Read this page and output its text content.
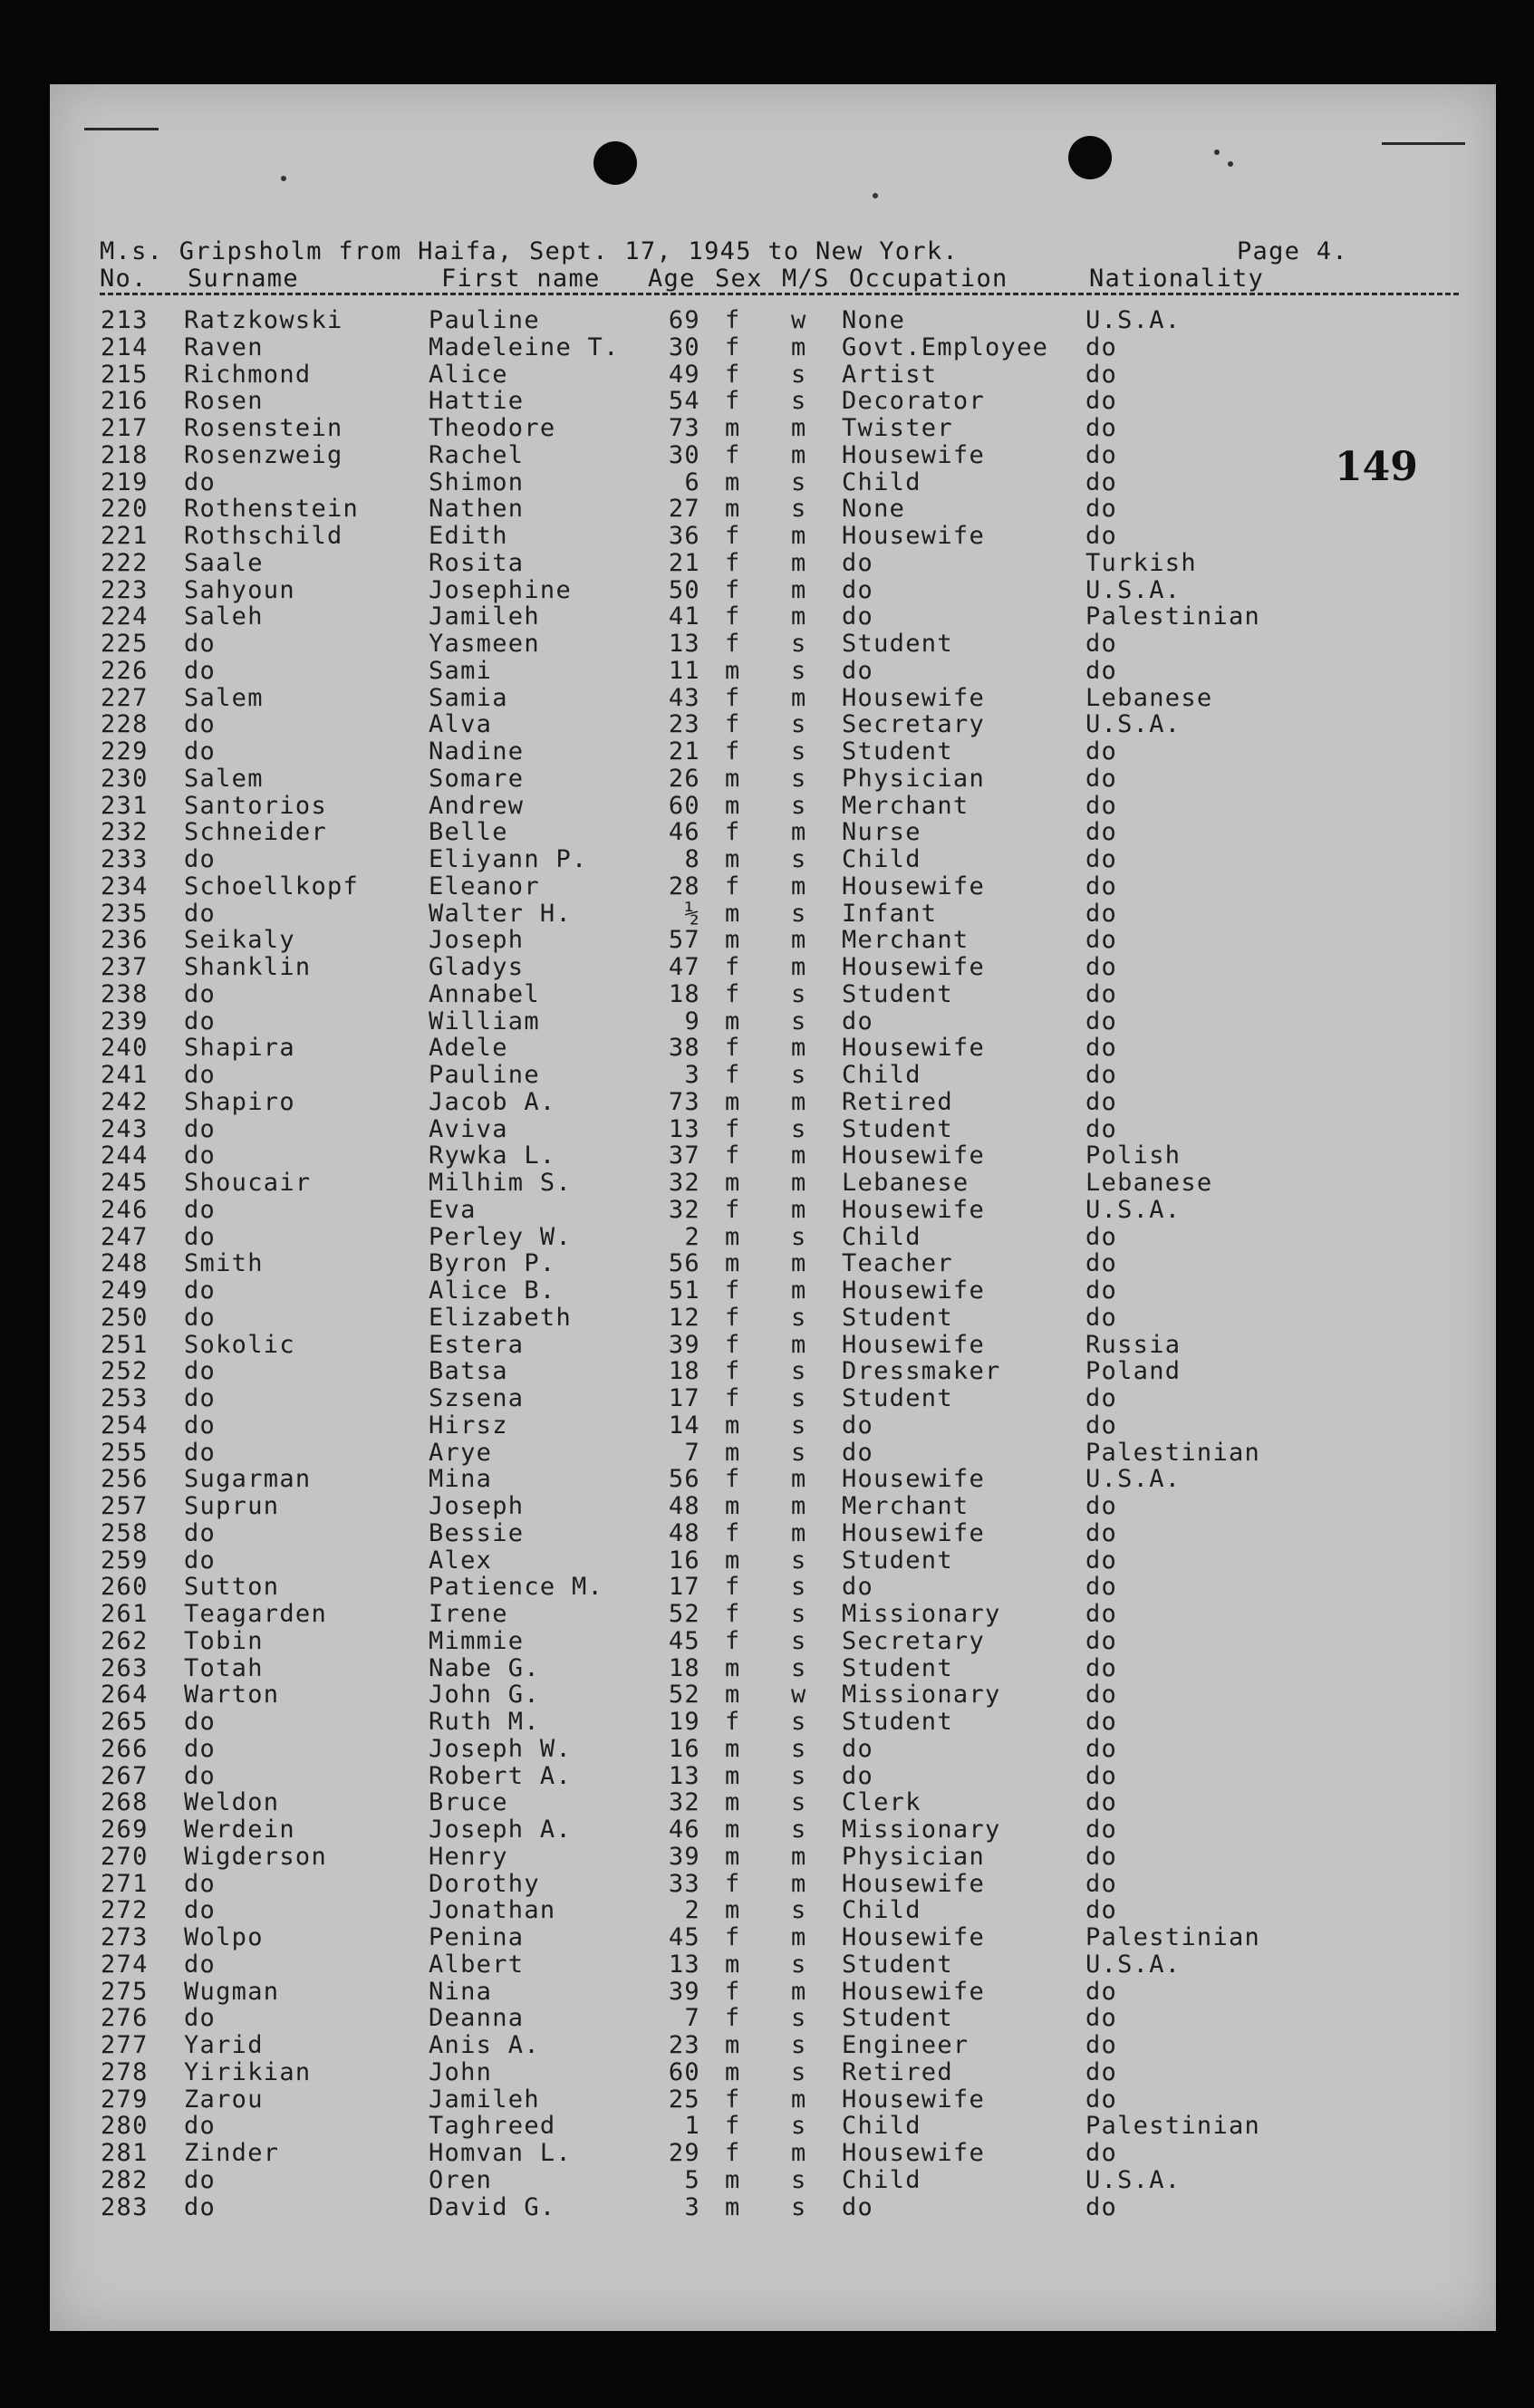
M.s. Gripsholm from Haifa, Sept. 17, 1945 to New York.	Page 4.
No. Surname	First name Age Sex M/S Occupation	Nationality
149
213 Ratzkowski	Pauline	69 f w None	U.S.A.
214 Raven	Madeleine T.	30 f m Govt.Employee do
215 Richmond	Alice	49 f s Artist	do
216 Rosen	Hattie	54 f s Decorator	do
217 Rosenstein	Theodore	73 m m Twister	do
218 Rosenzweig	Rachel	30 f m Housewife	do
219 do	Shimon	6 m s Child	do
220 Rothenstein	Nathen	27 m s None	do
221 Rothschild	Edith	36 f m Housewife	do
222 Saale	Rosita	21 f m do	Turkish
223 Sahyoun	Josephine	50 f m do	U.S.A.
224 Saleh	Jamileh	41 f m do	Palestinian
225 do	Yasmeen	13 f s Student	do
226 do	Sami	11 m s do	do
227 Salem	Samia	43 f m Housewife	Lebanese
228 do	Alva	23 f s Secretary	U.S.A.
229 do	Nadine	21 f s Student	do
230 Salem	Somare	26 m s Physician	do
231 Santorios	Andrew	60 m s Merchant	do
232 Schneider	Belle	46 f m Nurse	do
233 do	Eliyann P.	8 m s Child	do
234 Schoellkopf	Eleanor	28 f m Housewife	do
235 do	Walter H.	½ m s Infant	do
236 Seikaly	Joseph	57 m m Merchant	do
237 Shanklin	Gladys	47 f m Housewife	do
238 do	Annabel	18 f s Student	do
239 do	William	9 m s do	do
240 Shapira	Adele	38 f m Housewife	do
241 do	Pauline	3 f s Child	do
242 Shapiro	Jacob A.	73 m m Retired	do
243 do	Aviva	13 f s Student	do
244 do	Rywka L.	37 f m Housewife	Polish
245 Shoucair	Milhim S.	32 m m Lebanese	Lebanese
246 do	Eva	32 f m Housewife	U.S.A.
247 do	Perley W.	2 m s Child	do
248 Smith	Byron P.	56 m m Teacher	do
249 do	Alice B.	51 f m Housewife	do
250 do	Elizabeth	12 f s Student	do
251 Sokolic	Estera	39 f m Housewife	Russia
252 do	Batsa	18 f s Dressmaker	Poland
253 do	Szsena	17 f s Student	do
254 do	Hirsz	14 m s do	do
255 do	Arye	7 m s do	Palestinian
256 Sugarman	Mina	56 f m Housewife	U.S.A.
257 Suprun	Joseph	48 m m Merchant	do
258 do	Bessie	48 f m Housewife	do
259 do	Alex	16 m s Student	do
260 Sutton	Patience M.	17 f s do	do
261 Teagarden	Irene	52 f s Missionary	do
262 Tobin	Mimmie	45 f s Secretary	do
263 Totah	Nabe G.	18 m s Student	do
264 Warton	John G.	52 m w Missionary	do
265 do	Ruth M.	19 f s Student	do
266 do	Joseph W.	16 m s do	do
267 do	Robert A.	13 m s do	do
268 Weldon	Bruce	32 m s Clerk	do
269 Werdein	Joseph A.	46 m s Missionary	do
270 Wigderson	Henry	39 m m Physician	do
271 do	Dorothy	33 f m Housewife	do
272 do	Jonathan	2 m s Child	do
273 Wolpo	Penina	45 f m Housewife	Palestinian
274 do	Albert	13 m s Student	U.S.A.
275 Wugman	Nina	39 f m Housewife	do
276 do	Deanna	7 f s Student	do
277 Yarid	Anis A.	23 m s Engineer	do
278 Yirikian	John	60 m s Retired	do
279 Zarou	Jamileh	25 f m Housewife	do
280 do	Taghreed	1 f s Child	Palestinian
281 Zinder	Homvan L.	29 f m Housewife	do
282 do	Oren	5 m s Child	U.S.A.
283 do	David G.	3 m s do	do
